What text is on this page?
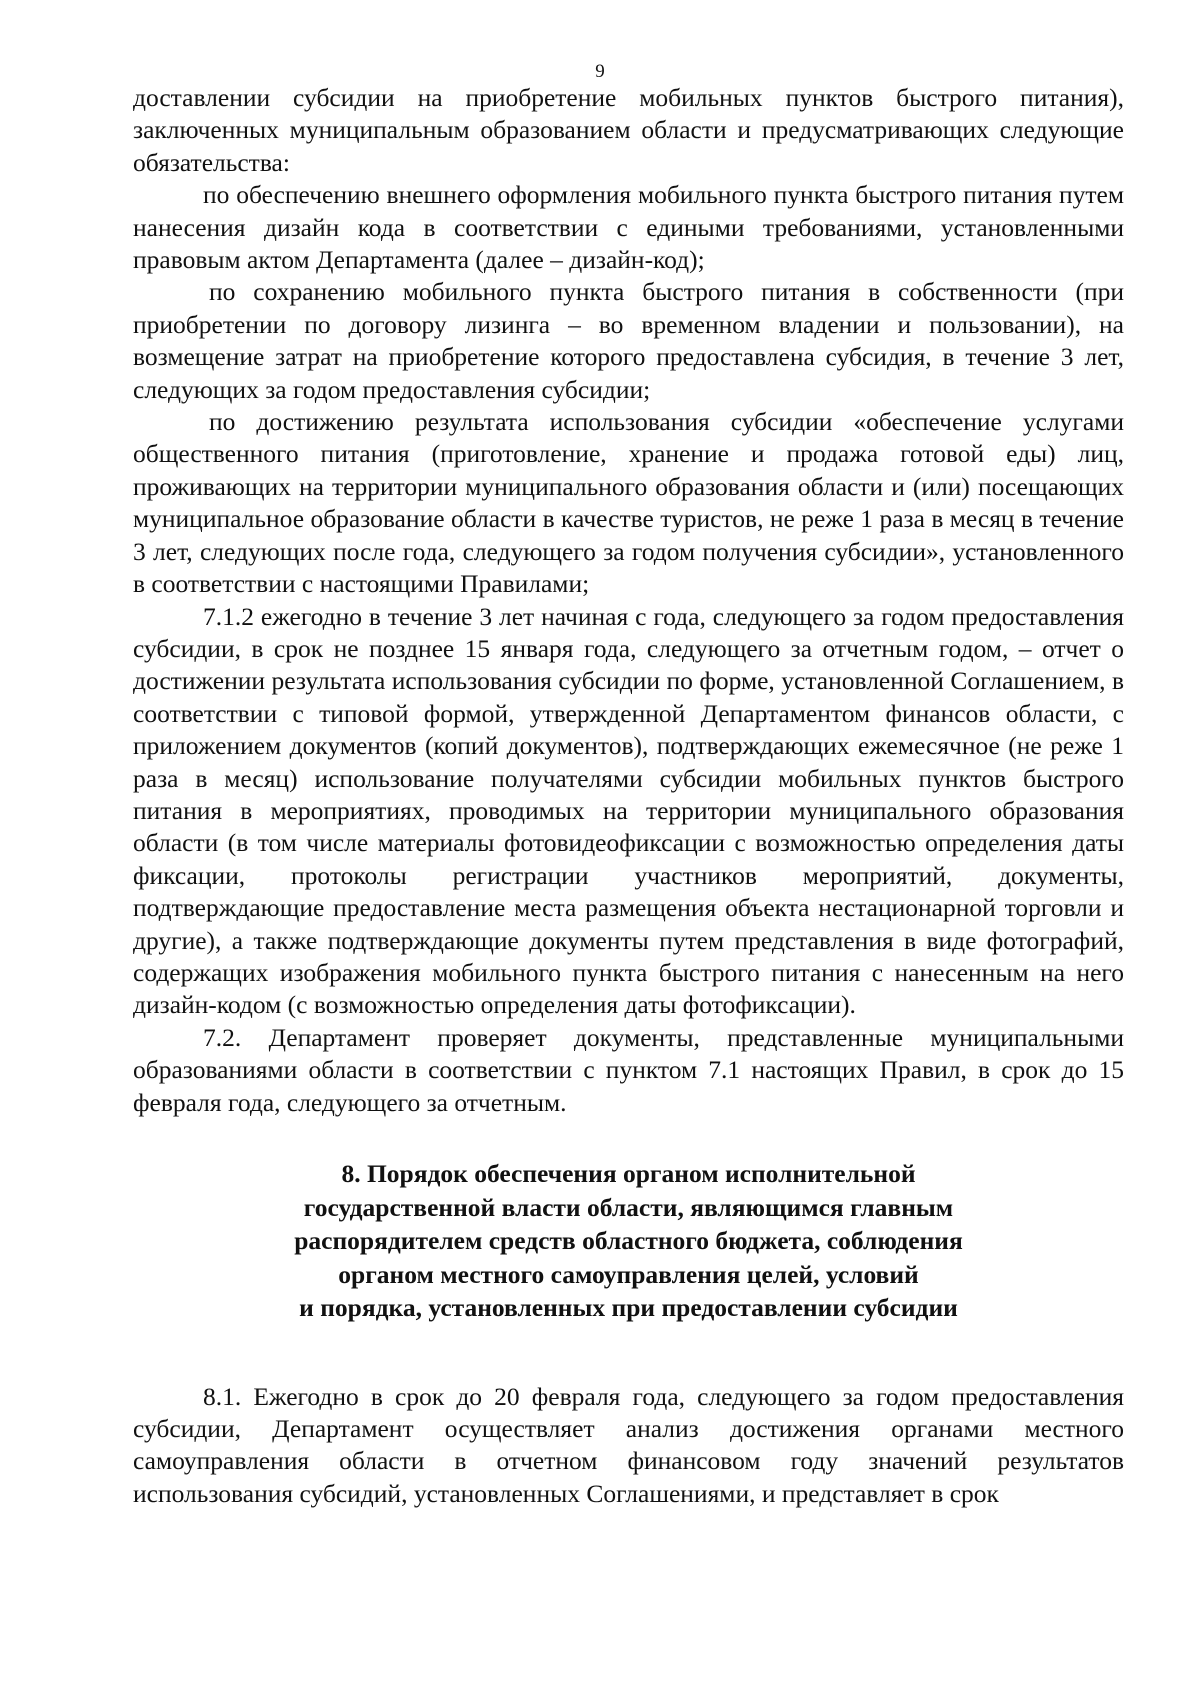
9

доставлении субсидии на приобретение мобильных пунктов быстрого питания), заключенных муниципальным образованием области и предусматривающих следующие обязательства:

по обеспечению внешнего оформления мобильного пункта быстрого питания путем нанесения дизайн кода в соответствии с едиными требованиями, установленными правовым актом Департамента (далее – дизайн-код);

по сохранению мобильного пункта быстрого питания в собственности (при приобретении по договору лизинга – во временном владении и пользовании), на возмещение затрат на приобретение которого предоставлена субсидия, в течение 3 лет, следующих за годом предоставления субсидии;

по достижению результата использования субсидии «обеспечение услугами общественного питания (приготовление, хранение и продажа готовой еды) лиц, проживающих на территории муниципального образования области и (или) посещающих муниципальное образование области в качестве туристов, не реже 1 раза в месяц в течение 3 лет, следующих после года, следующего за годом получения субсидии», установленного в соответствии с настоящими Правилами;

7.1.2 ежегодно в течение 3 лет начиная с года, следующего за годом предоставления субсидии, в срок не позднее 15 января года, следующего за отчетным годом, – отчет о достижении результата использования субсидии по форме, установленной Соглашением, в соответствии с типовой формой, утвержденной Департаментом финансов области, с приложением документов (копий документов), подтверждающих ежемесячное (не реже 1 раза в месяц) использование получателями субсидии мобильных пунктов быстрого питания в мероприятиях, проводимых на территории муниципального образования области (в том числе материалы фотовидеофиксации с возможностью определения даты фиксации, протоколы регистрации участников мероприятий, документы, подтверждающие предоставление места размещения объекта нестационарной торговли и другие), а также подтверждающие документы путем представления в виде фотографий, содержащих изображения мобильного пункта быстрого питания с нанесенным на него дизайн-кодом (с возможностью определения даты фотофиксации).

7.2. Департамент проверяет документы, представленные муниципальными образованиями области в соответствии с пунктом 7.1 настоящих Правил, в срок до 15 февраля года, следующего за отчетным.

8. Порядок обеспечения органом исполнительной
государственной власти области, являющимся главным
распорядителем средств областного бюджета, соблюдения
органом местного самоуправления целей, условий
и порядка, установленных при предоставлении субсидии

8.1. Ежегодно в срок до 20 февраля года, следующего за годом предоставления субсидии, Департамент осуществляет анализ достижения органами местного самоуправления области в отчетном финансовом году значений результатов использования субсидий, установленных Соглашениями, и представляет в срок
